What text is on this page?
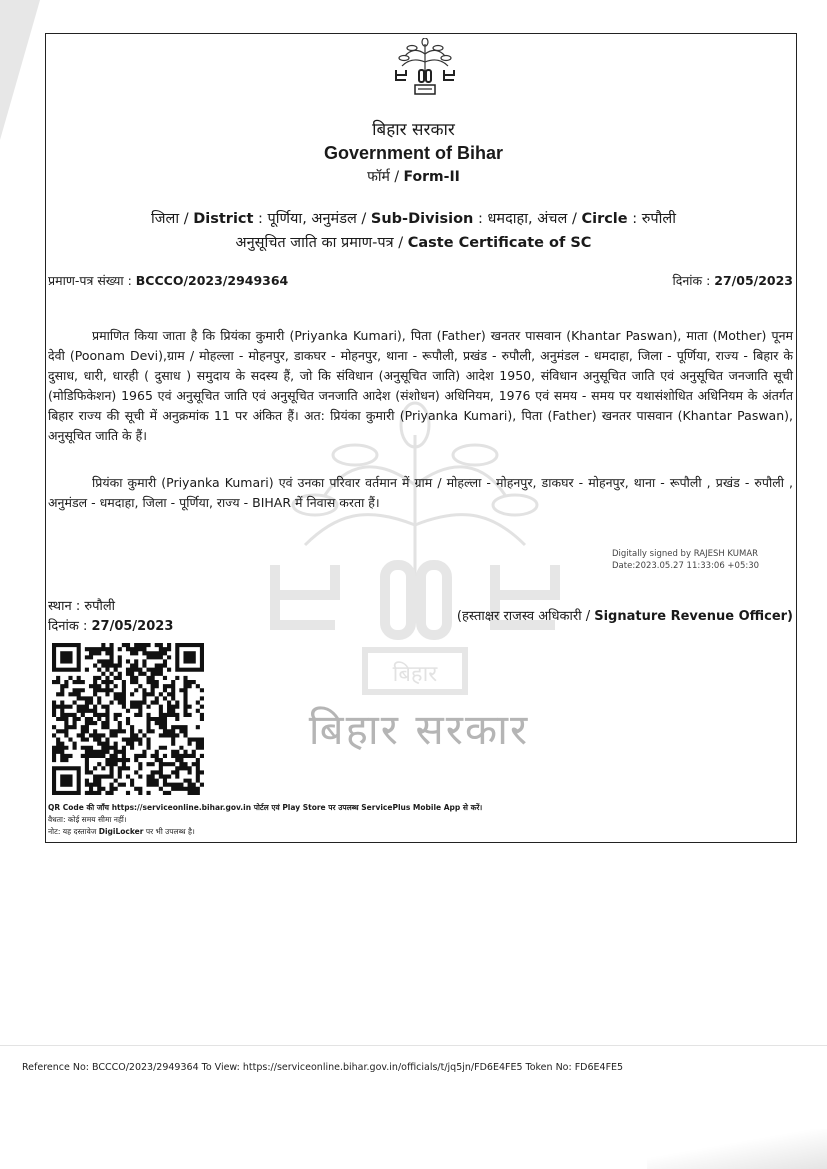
बिहार
बिहार सरकार
बिहार सरकार
Government of Bihar
फॉर्म / Form-II
जिला / District : पूर्णिया, अनुमंडल / Sub-Division : धमदाहा, अंचल / Circle : रुपौली
अनुसूचित जाति का प्रमाण-पत्र / Caste Certificate of SC
प्रमाण-पत्र संख्या : BCCCO/2023/2949364	दिनांक : 27/05/2023
प्रमाणित किया जाता है कि प्रियंका कुमारी (Priyanka Kumari), पिता (Father) खनतर पासवान (Khantar Paswan), माता (Mother) पूनम देवी (Poonam Devi),ग्राम / मोहल्ला - मोहनपुर, डाकघर - मोहनपुर, थाना - रूपौली, प्रखंड - रुपौली, अनुमंडल - धमदाहा, जिला - पूर्णिया, राज्य - बिहार के दुसाध, धारी, धारही ( दुसाध ) समुदाय के सदस्य हैं, जो कि संविधान (अनुसूचित जाति) आदेश 1950, संविधान अनुसूचित जाति एवं अनुसूचित जनजाति सूची (मोडिफिकेशन) 1965 एवं अनुसूचित जाति एवं अनुसूचित जनजाति आदेश (संशोधन) अधिनियम, 1976 एवं समय - समय पर यथासंशोधित अधिनियम के अंतर्गत बिहार राज्य की सूची में अनुक्रमांक 11 पर अंकित हैं। अत: प्रियंका कुमारी (Priyanka Kumari), पिता (Father) खनतर पासवान (Khantar Paswan), अनुसूचित जाति के हैं।
प्रियंका कुमारी (Priyanka Kumari) एवं उनका परिवार वर्तमान में ग्राम / मोहल्ला - मोहनपुर, डाकघर - मोहनपुर, थाना - रूपौली , प्रखंड - रुपौली , अनुमंडल - धमदाहा, जिला - पूर्णिया, राज्य - BIHAR में निवास करता हैं।
Digitally signed by RAJESH KUMAR
Date:2023.05.27 11:33:06 +05:30
स्थान : रुपौली
दिनांक : 27/05/2023
(हस्ताक्षर राजस्व अधिकारी / Signature Revenue Officer)
QR Code की जाँच https://serviceonline.bihar.gov.in पोर्टल एवं Play Store पर उपलब्ध ServicePlus Mobile App से करें।
वैधता: कोई समय सीमा नहीं।
नोट: यह दस्तावेज DigiLocker पर भी उपलब्ध है।
Reference No: BCCCO/2023/2949364 To View: https://serviceonline.bihar.gov.in/officials/t/jq5jn/FD6E4FE5 Token No: FD6E4FE5
